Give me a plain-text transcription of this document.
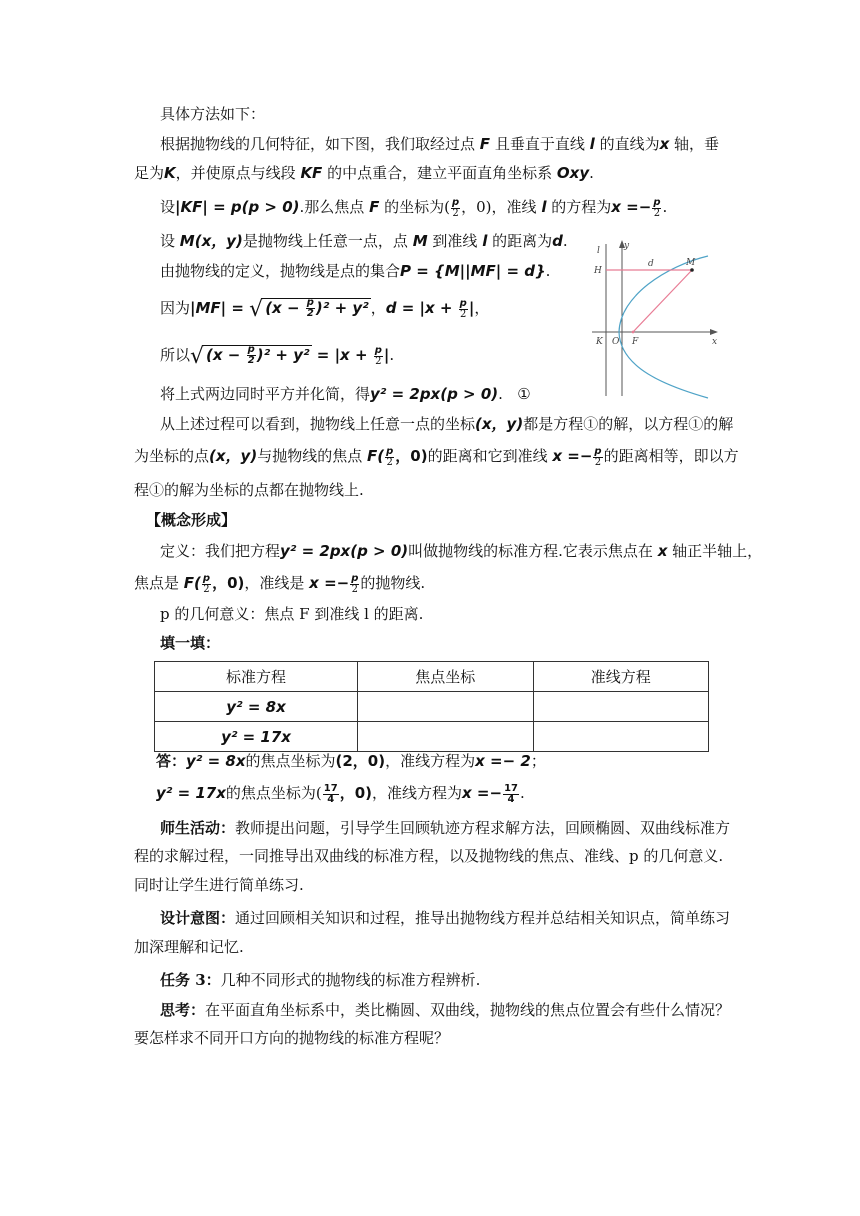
具体方法如下：
根据抛物线的几何特征，如下图，我们取经过点 F 且垂直于直线 l 的直线为x 轴，垂
足为K，并使原点与线段 KF 的中点重合，建立平面直角坐标系 Oxy.
设|KF| = p(p > 0).那么焦点 F 的坐标为( $\frac{p}{2}$ ，0)，准线 l 的方程为$x =- \frac{p}{2}$ .
设 M(x，y)是抛物线上任意一点，点 M 到准线 l 的距离为d.
由抛物线的定义，抛物线是点的集合P = {M||MF| = d}.
因为|MF| = √ $(x - \frac{p}{2} )^2 + y^2$ ，$d = |x + \frac{p}{2}$ |，
所以√ $(x - \frac{p}{2} )^2 + y^2 = |x + \frac{p}{2}$ |.
将上式两边同时平方并化简，得y² = 2px(p > 0). ①
从上述过程可以看到，抛物线上任意一点的坐标(x，y)都是方程①的解，以方程①的解
为坐标的点(x，y)与抛物线的焦点 $F( \frac{p}{2}$ ，0)的距离和它到准线 $x =- \frac{p}{2}$ 的距离相等，即以方
程①的解为坐标的点都在抛物线上.
【概念形成】
定义：我们把方程y² = 2px(p > 0)叫做抛物线的标准方程.它表示焦点在 x 轴正半轴上，
焦点是 $F( \frac{p}{2}$ ，0)，准线是 $x =- \frac{p}{2}$ 的抛物线.
p 的几何意义：焦点 F 到准线 l 的距离.
填一填：
标准方程	焦点坐标	准线方程
y² = 8x		
y² = 17x		
答：y² = 8x的焦点坐标为(2，0)，准线方程为x =− 2；
y² = 17x的焦点坐标为( $\frac{17}{4}$ ，0)，准线方程为$x =- \frac{17}{4}$ .
师生活动：教师提出问题，引导学生回顾轨迹方程求解方法，回顾椭圆、双曲线标准方
程的求解过程，一同推导出双曲线的标准方程，以及抛物线的焦点、准线、p 的几何意义.
同时让学生进行简单练习.
设计意图：通过回顾相关知识和过程，推导出抛物线方程并总结相关知识点，简单练习
加深理解和记忆.
任务 3：几种不同形式的抛物线的标准方程辨析.
思考：在平面直角坐标系中，类比椭圆、双曲线，抛物线的焦点位置会有些什么情况？
要怎样求不同开口方向的抛物线的标准方程呢？
l	y
H
d	M
K O F	x
